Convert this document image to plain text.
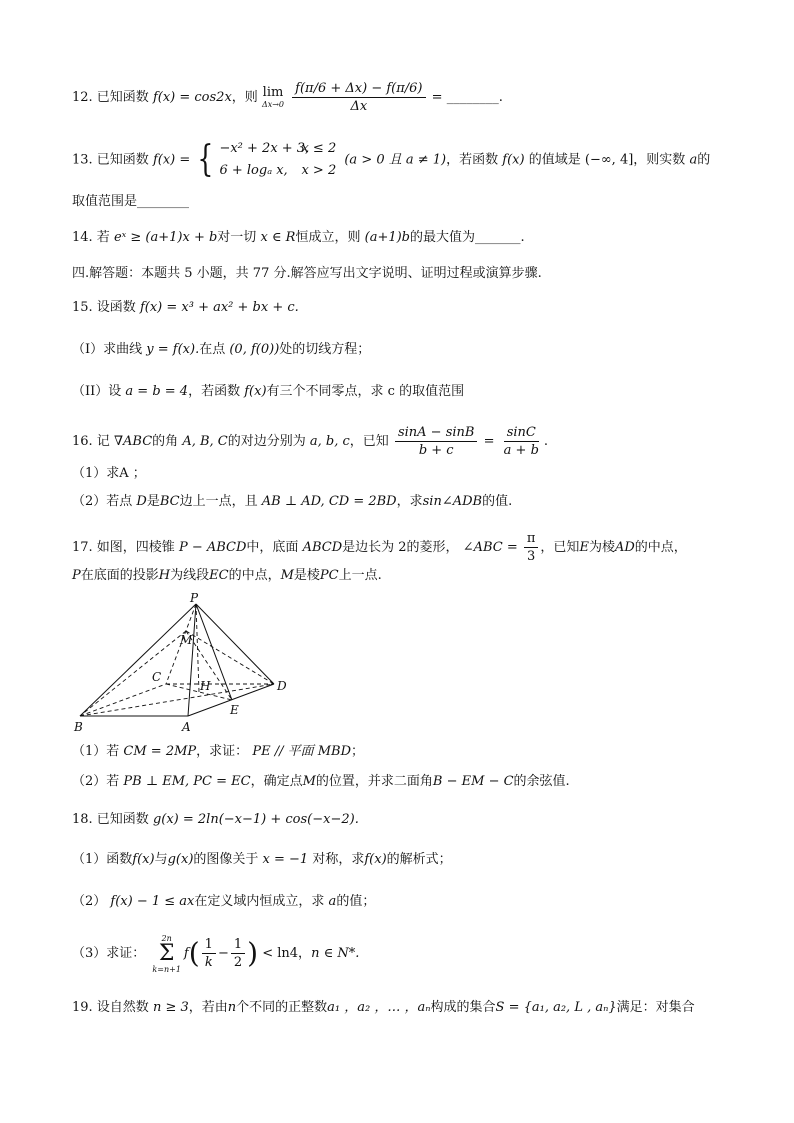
12. 已知函数 f(x) = cos2x，则 lim
Δx→0
$\frac{f(\pi/6 + \Delta x) - f(\pi/6)}{\Delta x}$ = ________.
13. 已知函数 f(x) = { −x² + 2x + 3,
x ≤ 2
6 + logₐ x,	x > 2
(a > 0 且 a ≠ 1)，若函数 f(x) 的值域是 (−∞, 4]，则实数 a的
取值范围是________
14. 若 eˣ ≥ (a+1)x + b对一切 x ∈ R恒成立，则 (a+1)b的最大值为_______.
四.解答题：本题共 5 小题，共 77 分.解答应写出文字说明、证明过程或演算步骤.
15. 设函数 f(x) = x³ + ax² + bx + c.
（I）求曲线 y = f(x).在点 (0, f(0))处的切线方程；
（II）设 a = b = 4，若函数 f(x)有三个不同零点，求 c 的取值范围
16. 记 ∇ABC的角 A, B, C的对边分别为 a, b, c，已知 $\frac{\sin A - \sin B}{b + c} = \frac{\sin C}{a + b}$ .
（1）求A ；
（2）若点 D是BC边上一点，且 AB ⊥ AD, CD = 2BD，求sin∠ADB的值.
17. 如图，四棱锥 P − ABCD中，底面 ABCD是边长为 2的菱形， ∠ABC = $\frac{\pi}{3}$ ，已知E为棱AD的中点，
P在底面的投影H为线段EC的中点，M是棱PC上一点.
P
M
C
H	D
E
B	A
（1）若 CM = 2MP，求证： PE // 平面 MBD；
（2）若 PB ⊥ EM, PC = EC，确定点M的位置，并求二面角B − EM − C的余弦值.
18. 已知函数 g(x) = 2ln(−x−1) + cos(−x−2).
（1）函数f(x)与g(x)的图像关于 x = −1 对称，求f(x)的解析式；
（2） f(x) − 1 ≤ ax在定义域内恒成立，求 a的值；
（3）求证：
2n
Σ
k=n+1
$f( \frac{1}{k} - \frac{1}{2}$ ) < ln4，n ∈ N*.
19. 设自然数 n ≥ 3，若由n个不同的正整数a₁ ，a₂ ，… ，aₙ构成的集合S = {a₁, a₂, L , aₙ}满足：对集合
